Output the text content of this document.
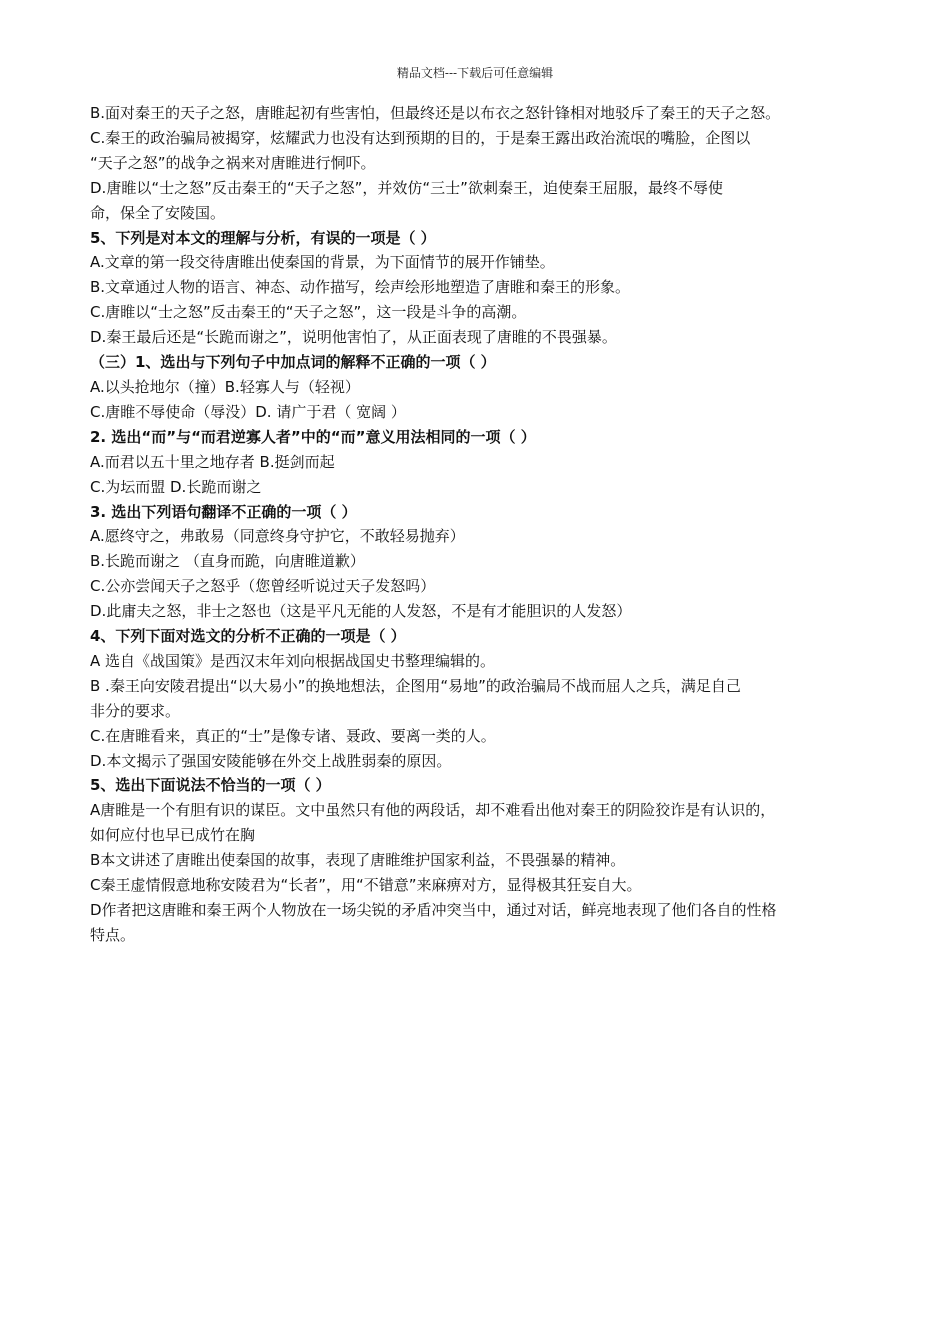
精品文档---下载后可任意编辑
B.面对秦王的天子之怒，唐睢起初有些害怕，但最终还是以布衣之怒针锋相对地驳斥了秦王的天子之怒。
C.秦王的政治骗局被揭穿，炫耀武力也没有达到预期的目的，于是秦王露出政治流氓的嘴脸，企图以
“天子之怒”的战争之祸来对唐睢进行恫吓。
D.唐睢以“士之怒”反击秦王的“天子之怒”，并效仿“三士”欲刺秦王，迫使秦王屈服，最终不辱使
命，保全了安陵国。
5、下列是对本文的理解与分析，有误的一项是（ ）
A.文章的第一段交待唐睢出使秦国的背景，为下面情节的展开作铺垫。
B.文章通过人物的语言、神态、动作描写，绘声绘形地塑造了唐睢和秦王的形象。
C.唐睢以“士之怒”反击秦王的“天子之怒”，这一段是斗争的高潮。
D.秦王最后还是“长跪而谢之”，说明他害怕了，从正面表现了唐睢的不畏强暴。
（三）1、选出与下列句子中加点词的解释不正确的一项（ ）
A.以头抢地尔（撞）B.轻寡人与（轻视）
C.唐睢不辱使命（辱没）D. 请广于君（ 宽阔 ）
2. 选出“而”与“而君逆寡人者”中的“而”意义用法相同的一项（ ）
A.而君以五十里之地存者 B.挺剑而起
C.为坛而盟 D.长跪而谢之
3. 选出下列语句翻译不正确的一项（ ）
A.愿终守之，弗敢易（同意终身守护它，不敢轻易抛弃）
B.长跪而谢之 （直身而跪，向唐睢道歉）
C.公亦尝闻天子之怒乎（您曾经听说过天子发怒吗）
D.此庸夫之怒，非士之怒也（这是平凡无能的人发怒，不是有才能胆识的人发怒）
4、下列下面对选文的分析不正确的一项是（ ）
A 选自《战国策》是西汉末年刘向根据战国史书整理编辑的。
B .秦王向安陵君提出“以大易小”的换地想法，企图用“易地”的政治骗局不战而屈人之兵，满足自己
非分的要求。
C.在唐睢看来，真正的“士”是像专诸、聂政、要离一类的人。
D.本文揭示了强国安陵能够在外交上战胜弱秦的原因。
5、选出下面说法不恰当的一项（ ）
A唐睢是一个有胆有识的谋臣。文中虽然只有他的两段话，却不难看出他对秦王的阴险狡诈是有认识的，
如何应付也早已成竹在胸
B本文讲述了唐睢出使秦国的故事，表现了唐睢维护国家利益，不畏强暴的精神。
C秦王虚情假意地称安陵君为“长者”，用“不错意”来麻痹对方，显得极其狂妄自大。
D作者把这唐睢和秦王两个人物放在一场尖锐的矛盾冲突当中，通过对话，鲜亮地表现了他们各自的性格
特点。
